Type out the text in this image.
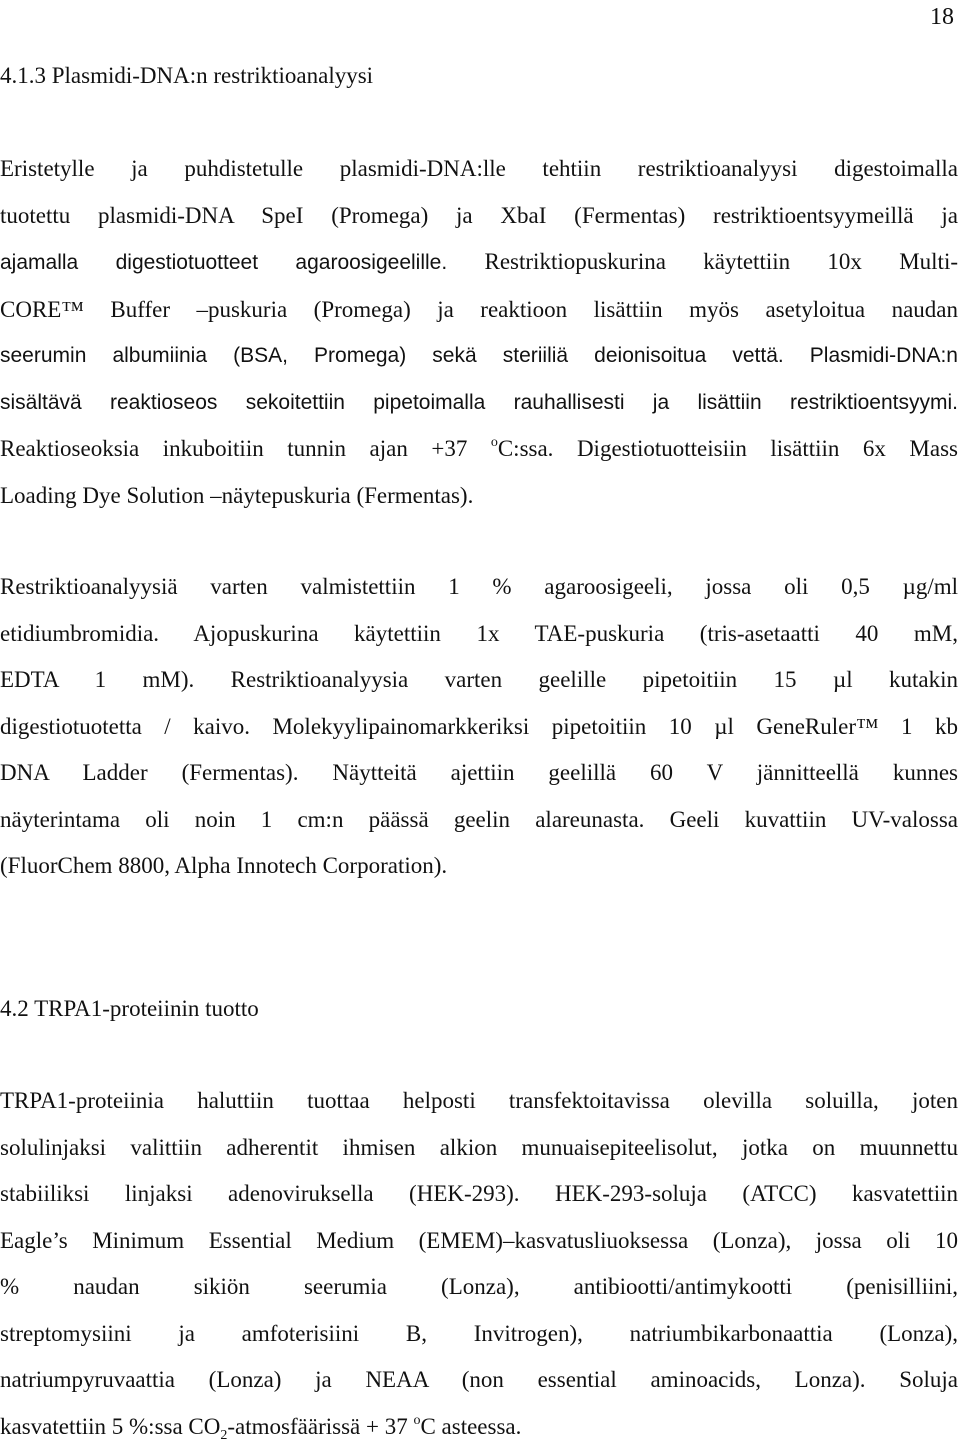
18
4.1.3 Plasmidi-DNA:n restriktioanalyysi
Eristetylle ja puhdistetulle plasmidi-DNA:lle tehtiin restriktioanalyysi digestoimalla
tuotettu plasmidi-DNA SpeI (Promega) ja XbaI (Fermentas) restriktioentsyymeillä ja
ajamalla digestiotuotteet agaroosigeelille. Restriktiopuskurina käytettiin 10x Multi-
CORE™ Buffer –puskuria (Promega) ja reaktioon lisättiin myös asetyloitua naudan
seerumin albumiinia (BSA, Promega) sekä steriiliä deionisoitua vettä. Plasmidi-DNA:n
sisältävä reaktioseos sekoitettiin pipetoimalla rauhallisesti ja lisättiin restriktioentsyymi.
Reaktioseoksia inkuboitiin tunnin ajan +37 $^o$C:ssa. Digestiotuotteisiin lisättiin 6x Mass
Loading Dye Solution –näytepuskuria (Fermentas).
Restriktioanalyysiä varten valmistettiin 1 % agaroosigeeli, jossa oli 0,5 µg/ml
etidiumbromidia. Ajopuskurina käytettiin 1x TAE-puskuria (tris-asetaatti 40 mM,
EDTA 1 mM). Restriktioanalyysia varten geelille pipetoitiin 15 µl kutakin
digestiotuotetta / kaivo. Molekyylipainomarkkeriksi pipetoitiin 10 µl GeneRuler™ 1 kb
DNA Ladder (Fermentas). Näytteitä ajettiin geelillä 60 V jännitteellä kunnes
näyterintama oli noin 1 cm:n päässä geelin alareunasta. Geeli kuvattiin UV-valossa
(FluorChem 8800, Alpha Innotech Corporation).
4.2 TRPA1-proteiinin tuotto
TRPA1-proteiinia haluttiin tuottaa helposti transfektoitavissa olevilla soluilla, joten
solulinjaksi valittiin adherentit ihmisen alkion munuaisepiteelisolut, jotka on muunnettu
stabiiliksi linjaksi adenoviruksella (HEK-293). HEK-293-soluja (ATCC) kasvatettiin
Eagle’s Minimum Essential Medium (EMEM)–kasvatusliuoksessa (Lonza), jossa oli 10
% naudan sikiön seerumia (Lonza), antibiootti/antimykootti (penisilliini,
streptomysiini ja amfoterisiini B, Invitrogen), natriumbikarbonaattia (Lonza),
natriumpyruvaattia (Lonza) ja NEAA (non essential aminoacids, Lonza). Soluja
kasvatettiin 5 %:ssa $CO_2$-atmosfäärissä + 37 $^o$C asteessa.
